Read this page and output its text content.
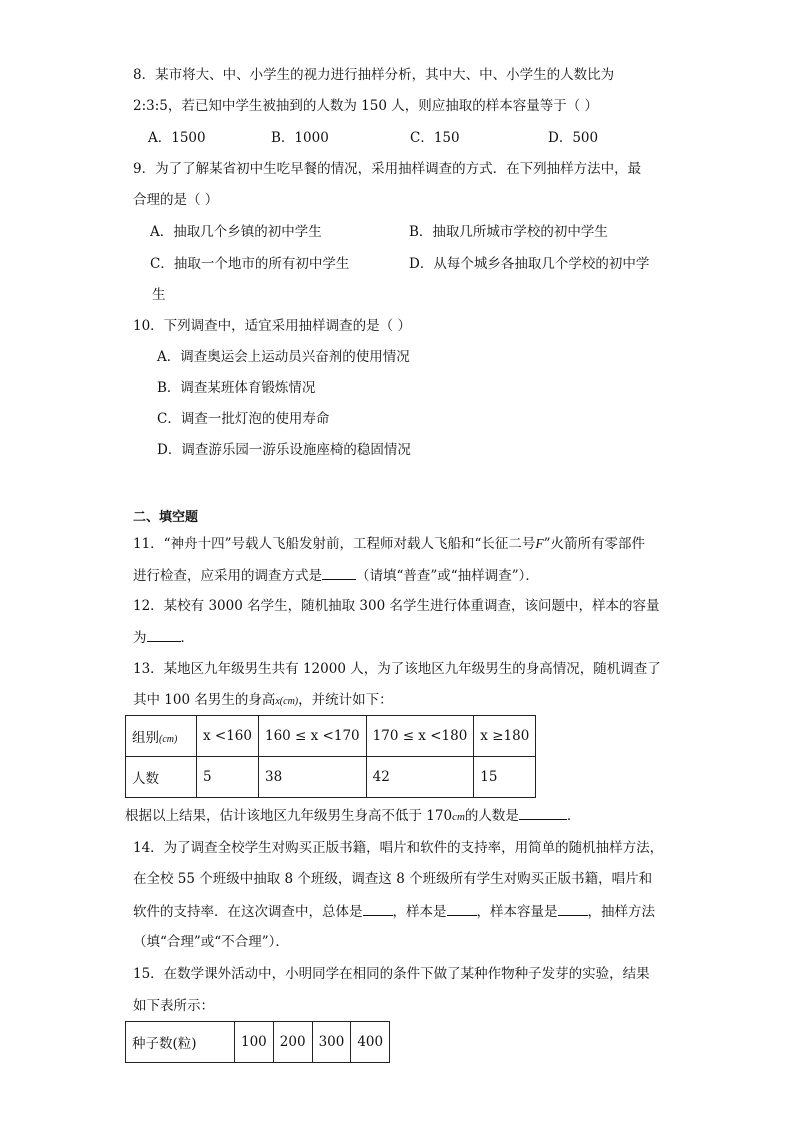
8．某市将大、中、小学生的视力进行抽样分析，其中大、中、小学生的人数比为
2:3:5，若已知中学生被抽到的人数为 150 人，则应抽取的样本容量等于（ ）
A．1500	B．1000	C．150	D．500
9．为了了解某省初中生吃早餐的情况，采用抽样调查的方式．在下列抽样方法中，最
合理的是（ ）
A．抽取几个乡镇的初中学生	B．抽取几所城市学校的初中学生
C．抽取一个地市的所有初中学生	D．从每个城乡各抽取几个学校的初中学
生
10．下列调查中，适宜采用抽样调查的是（ ）
A．调查奥运会上运动员兴奋剂的使用情况
B．调查某班体育锻炼情况
C．调查一批灯泡的使用寿命
D．调查游乐园一游乐设施座椅的稳固情况
二、填空题
11．“神舟十四”号载人飞船发射前，工程师对载人飞船和“长征二号F”火箭所有零部件
进行检查，应采用的调查方式是	（请填“普查”或“抽样调查”）．
12．某校有 3000 名学生，随机抽取 300 名学生进行体重调查，该问题中，样本的容量
为	．
13．某地区九年级男生共有 12000 人，为了该地区九年级男生的身高情况，随机调查了
其中 100 名男生的身高x(cm)，并统计如下：
组别(cm)	x <160	160 ≤ x <170	170 ≤ x <180	x ≥180
人数	5	38	42	15
根据以上结果，估计该地区九年级男生身高不低于 170cm的人数是	．
14．为了调查全校学生对购买正版书籍，唱片和软件的支持率，用简单的随机抽样方法，
在全校 55 个班级中抽取 8 个班级，调查这 8 个班级所有学生对购买正版书籍，唱片和
软件的支持率．在这次调查中，总体是 ，样本是 ，样本容量是 ，抽样方法
（填“合理”或“不合理”）．
15．在数学课外活动中，小明同学在相同的条件下做了某种作物种子发芽的实验，结果
如下表所示：
种子数(粒)	100	200	300	400
